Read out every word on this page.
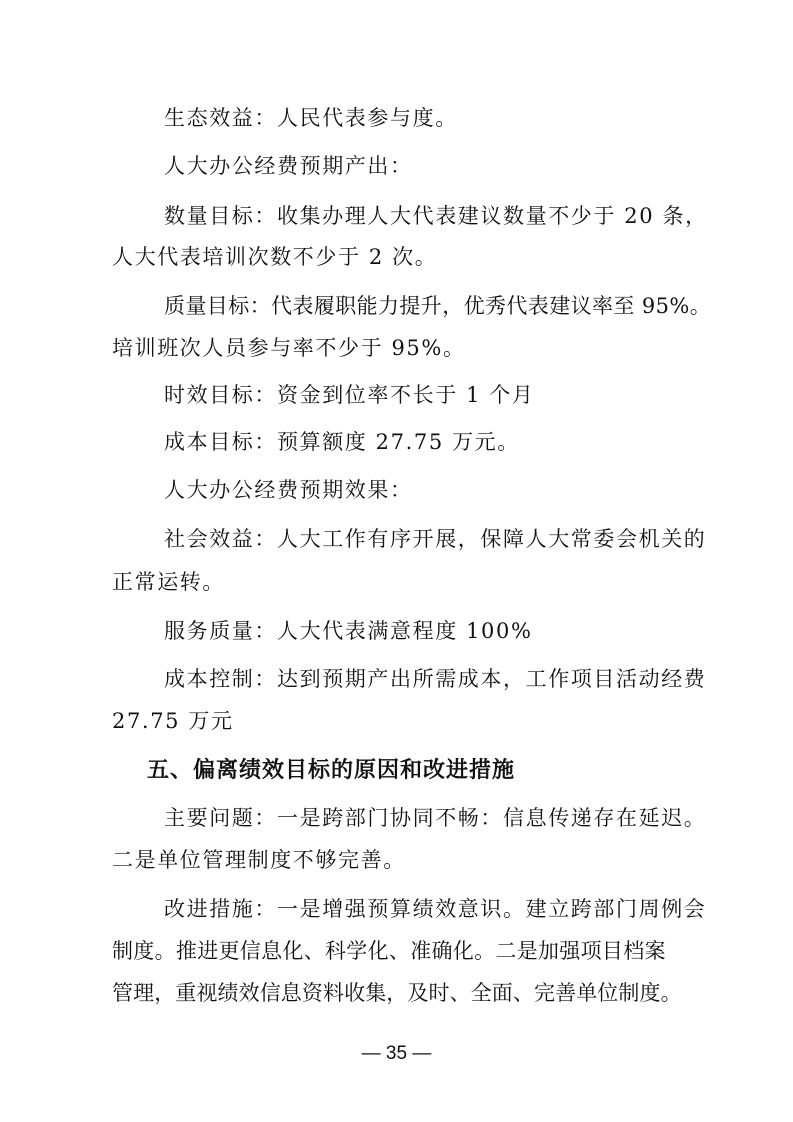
生态效益：人民代表参与度。
人大办公经费预期产出：
数量目标：收集办理人大代表建议数量不少于 20 条，
人大代表培训次数不少于 2 次。
质量目标：代表履职能力提升，优秀代表建议率至 95%。
培训班次人员参与率不少于 95%。
时效目标：资金到位率不长于 1 个月
成本目标：预算额度 27.75 万元。
人大办公经费预期效果：
社会效益：人大工作有序开展，保障人大常委会机关的
正常运转。
服务质量：人大代表满意程度 100%
成本控制：达到预期产出所需成本，工作项目活动经费
27.75 万元
五、偏离绩效目标的原因和改进措施
主要问题：一是跨部门协同不畅：信息传递存在延迟。
二是单位管理制度不够完善。
改进措施：一是增强预算绩效意识。建立跨部门周例会
制度。推进更信息化、科学化、准确化。二是加强项目档案
管理，重视绩效信息资料收集，及时、全面、完善单位制度。
— 35 —
